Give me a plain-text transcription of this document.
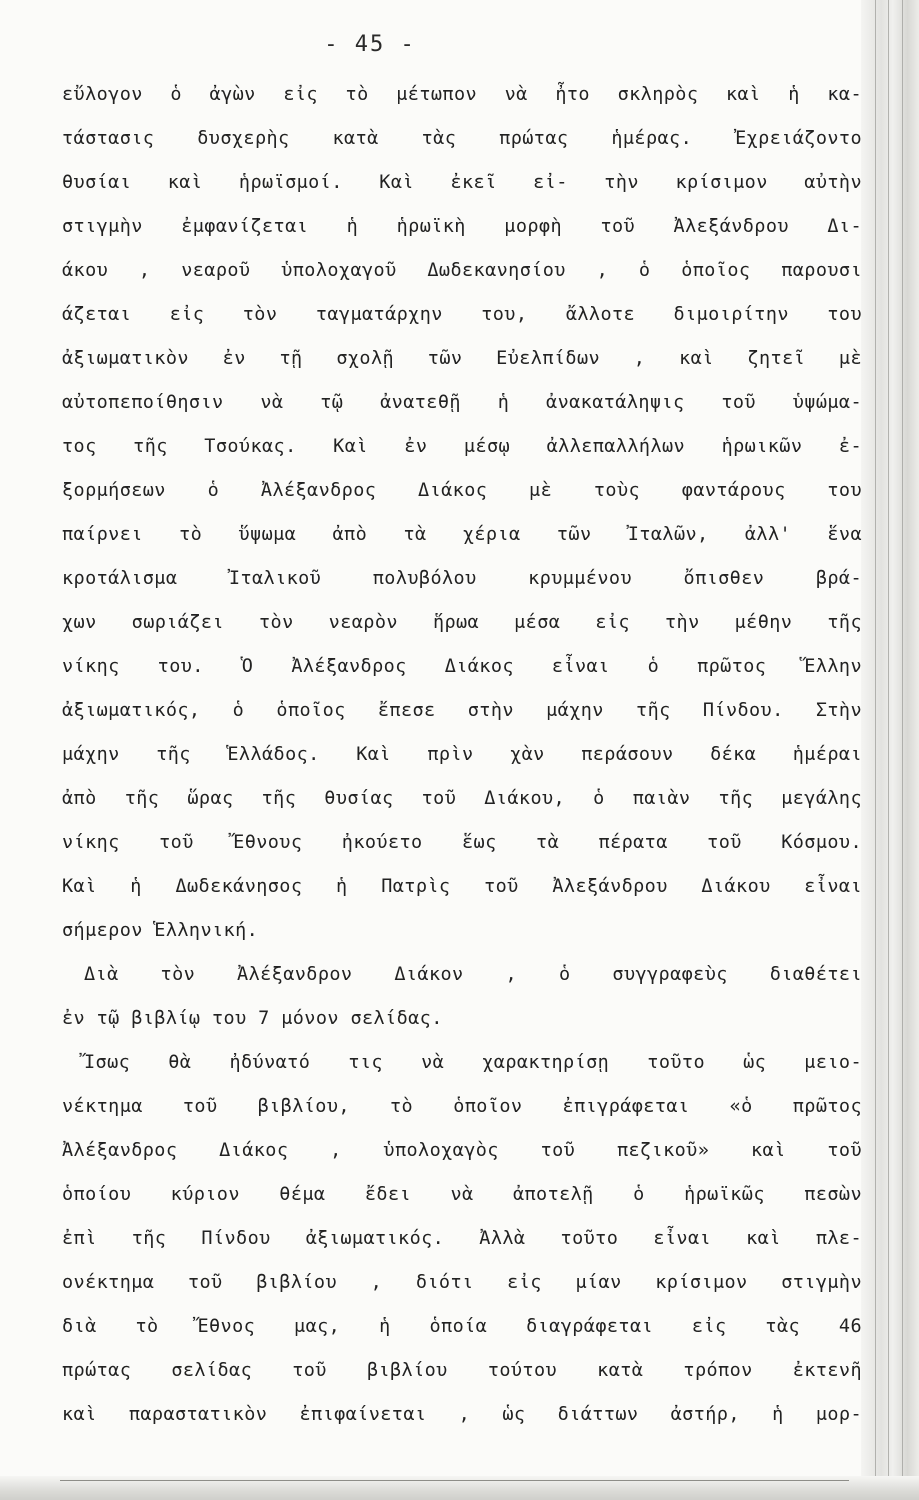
- 45 -
εὔλογον ὁ ἀγὼν εἰς τὸ μέτωπον νὰ ἦτο σκληρὸς καὶ ἡ κα-
τάστασις δυσχερὴς κατὰ τὰς πρώτας ἡμέρας. Ἐχρειάζοντο
θυσίαι καὶ ἡρωϊσμοί. Καὶ ἐκεῖ εἰ- τὴν κρίσιμον αὐτὴν
στιγμὴν ἐμφανίζεται ἡ ἡρωϊκὴ μορφὴ τοῦ Ἀλεξάνδρου Δι-
άκου , νεαροῦ ὑπολοχαγοῦ Δωδεκανησίου , ὁ ὁποῖος παρουσι
άζεται εἰς τὸν ταγματάρχην του, ἄλλοτε διμοιρίτην του
ἀξιωματικὸν ἐν τῇ σχολῇ τῶν Εὐελπίδων , καὶ ζητεῖ μὲ
αὐτοπεποίθησιν νὰ τῷ ἀνατεθῇ ἡ ἀνακατάληψις τοῦ ὑψώμα-
τος τῆς Τσούκας. Καὶ ἐν μέσῳ ἀλλεπαλλήλων ἡρωικῶν ἐ-
ξορμήσεων ὁ Ἀλέξανδρος Διάκος μὲ τοὺς φαντάρους του
παίρνει τὸ ὕψωμα ἀπὸ τὰ χέρια τῶν Ἰταλῶν, ἀλλ' ἕνα
κροτάλισμα Ἰταλικοῦ πολυβόλου κρυμμένου ὄπισθεν βρά-
χων σωριάζει τὸν νεαρὸν ἥρωα μέσα εἰς τὴν μέθην τῆς
νίκης του. Ὁ Ἀλέξανδρος Διάκος εἶναι ὁ πρῶτος Ἕλλην
ἀξιωματικός, ὁ ὁποῖος ἔπεσε στὴν μάχην τῆς Πίνδου. Στὴν
μάχην τῆς Ἑλλάδος. Καὶ πρὶν χὰν περάσουν δέκα ἡμέραι
ἀπὸ τῆς ὥρας τῆς θυσίας τοῦ Διάκου, ὁ παιὰν τῆς μεγάλης
νίκης τοῦ Ἔθνους ἠκούετο ἕως τὰ πέρατα τοῦ Κόσμου.
Καὶ ἡ Δωδεκάνησος ἡ Πατρὶς τοῦ Ἀλεξάνδρου Διάκου εἶναι
σήμερον Ἑλληνική.
Διὰ τὸν Ἀλέξανδρον Διάκον , ὁ συγγραφεὺς διαθέτει
ἐν τῷ βιβλίῳ του 7 μόνον σελίδας.
Ἴσως θὰ ἠδύνατό τις νὰ χαρακτηρίσῃ τοῦτο ὡς μειο-
νέκτημα τοῦ βιβλίου, τὸ ὁποῖον ἐπιγράφεται «ὁ πρῶτος
Ἀλέξανδρος Διάκος , ὑπολοχαγὸς τοῦ πεζικοῦ» καὶ τοῦ
ὁποίου κύριον θέμα ἔδει νὰ ἀποτελῇ ὁ ἡρωϊκῶς πεσὼν
ἐπὶ τῆς Πίνδου ἀξιωματικός. Ἀλλὰ τοῦτο εἶναι καὶ πλε-
ονέκτημα τοῦ βιβλίου , διότι εἰς μίαν κρίσιμον στιγμὴν
διὰ τὸ Ἔθνος μας, ἡ ὁποία διαγράφεται εἰς τὰς 46
πρώτας σελίδας τοῦ βιβλίου τούτου κατὰ τρόπον ἐκτενῆ
καὶ παραστατικὸν ἐπιφαίνεται , ὡς διάττων ἀστήρ, ἡ μορ-
